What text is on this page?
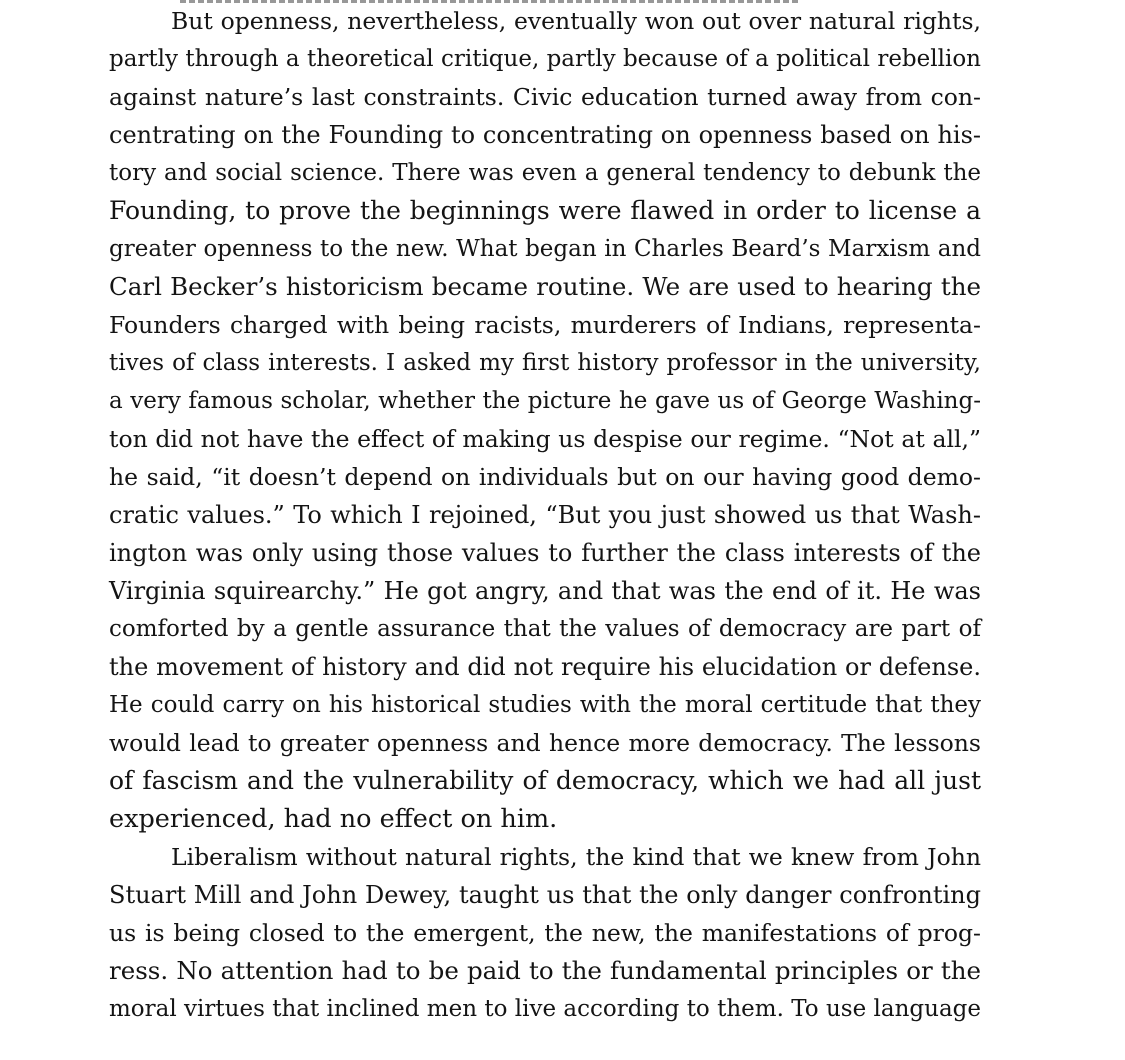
But openness, nevertheless, eventually won out over natural rights,
partly through a theoretical critique, partly because of a political rebellion
against nature’s last constraints. Civic education turned away from con-
centrating on the Founding to concentrating on openness based on his-
tory and social science. There was even a general tendency to debunk the
Founding, to prove the beginnings were flawed in order to license a
greater openness to the new. What began in Charles Beard’s Marxism and
Carl Becker’s historicism became routine. We are used to hearing the
Founders charged with being racists, murderers of Indians, representa-
tives of class interests. I asked my first history professor in the university,
a very famous scholar, whether the picture he gave us of George Washing-
ton did not have the effect of making us despise our regime. “Not at all,”
he said, “it doesn’t depend on individuals but on our having good demo-
cratic values.” To which I rejoined, “But you just showed us that Wash-
ington was only using those values to further the class interests of the
Virginia squirearchy.” He got angry, and that was the end of it. He was
comforted by a gentle assurance that the values of democracy are part of
the movement of history and did not require his elucidation or defense.
He could carry on his historical studies with the moral certitude that they
would lead to greater openness and hence more democracy. The lessons
of fascism and the vulnerability of democracy, which we had all just
experienced, had no effect on him.
Liberalism without natural rights, the kind that we knew from John
Stuart Mill and John Dewey, taught us that the only danger confronting
us is being closed to the emergent, the new, the manifestations of prog-
ress. No attention had to be paid to the fundamental principles or the
moral virtues that inclined men to live according to them. To use language
